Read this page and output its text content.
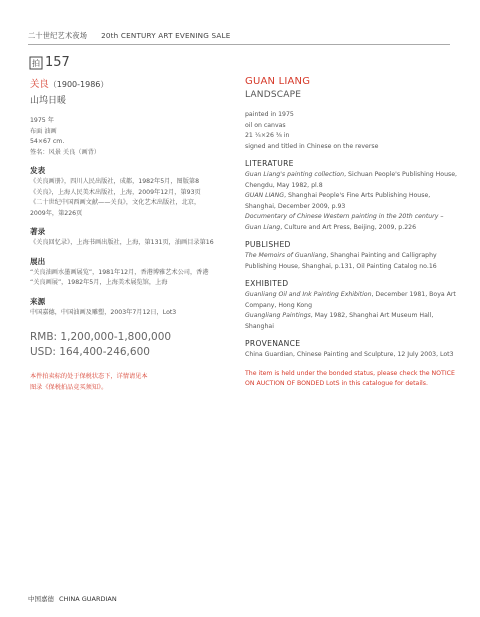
二十世纪艺术夜场 20th CENTURY ART EVENING SALE
拍 157
关良（1900-1986）
山坞日暖
1975 年
布面 油画
54×67 cm.
签名：风景 关良（画背）
发表
《关良画册》，四川人民出版社，成都，1982年5月，图版第8
《关良》，上海人民美术出版社，上海，2009年12月，第93页
《二十世纪中国西画文献——关良》，文化艺术出版社，北京，
2009年，第226页
著录
《关良回忆录》，上海书画出版社，上海，第131页，油画目录第16
展出
“关良油画水墨画展览”，1981年12月，香港博雅艺术公司，香港
“关良画展”，1982年5月，上海美术展览馆，上海
来源
中国嘉德，中国油画及雕塑，2003年7月12日，Lot3
RMB: 1,200,000-1,800,000
USD: 164,400-246,600
本件拍卖标的处于保税状态下，详情请见本
图录《保税拍品竞买须知》。
GUAN LIANG
LANDSCAPE
painted in 1975
oil on canvas
21 ¼×26 ⅜ in
signed and titled in Chinese on the reverse
LITERATURE
Guan Liang's painting collection, Sichuan People's Publishing House, Chengdu, May 1982, pl.8
GUAN LIANG, Shanghai People's Fine Arts Publishing House, Shanghai, December 2009, p.93
Documentary of Chinese Western painting in the 20th century – Guan Liang, Culture and Art Press, Beijing, 2009, p.226
PUBLISHED
The Memoirs of Guanliang, Shanghai Painting and Calligraphy Publishing House, Shanghai, p.131, Oil Painting Catalog no.16
EXHIBITED
Guanliang Oil and Ink Painting Exhibition, December 1981, Boya Art Company, Hong Kong
Guangliang Paintings, May 1982, Shanghai Art Museum Hall, Shanghai
PROVENANCE
China Guardian, Chinese Painting and Sculpture, 12 July 2003, Lot3
The item is held under the bonded status, please check the NOTICE ON AUCTION OF BONDED LotS in this catalogue for details.
中国嘉德 CHINA GUARDIAN
